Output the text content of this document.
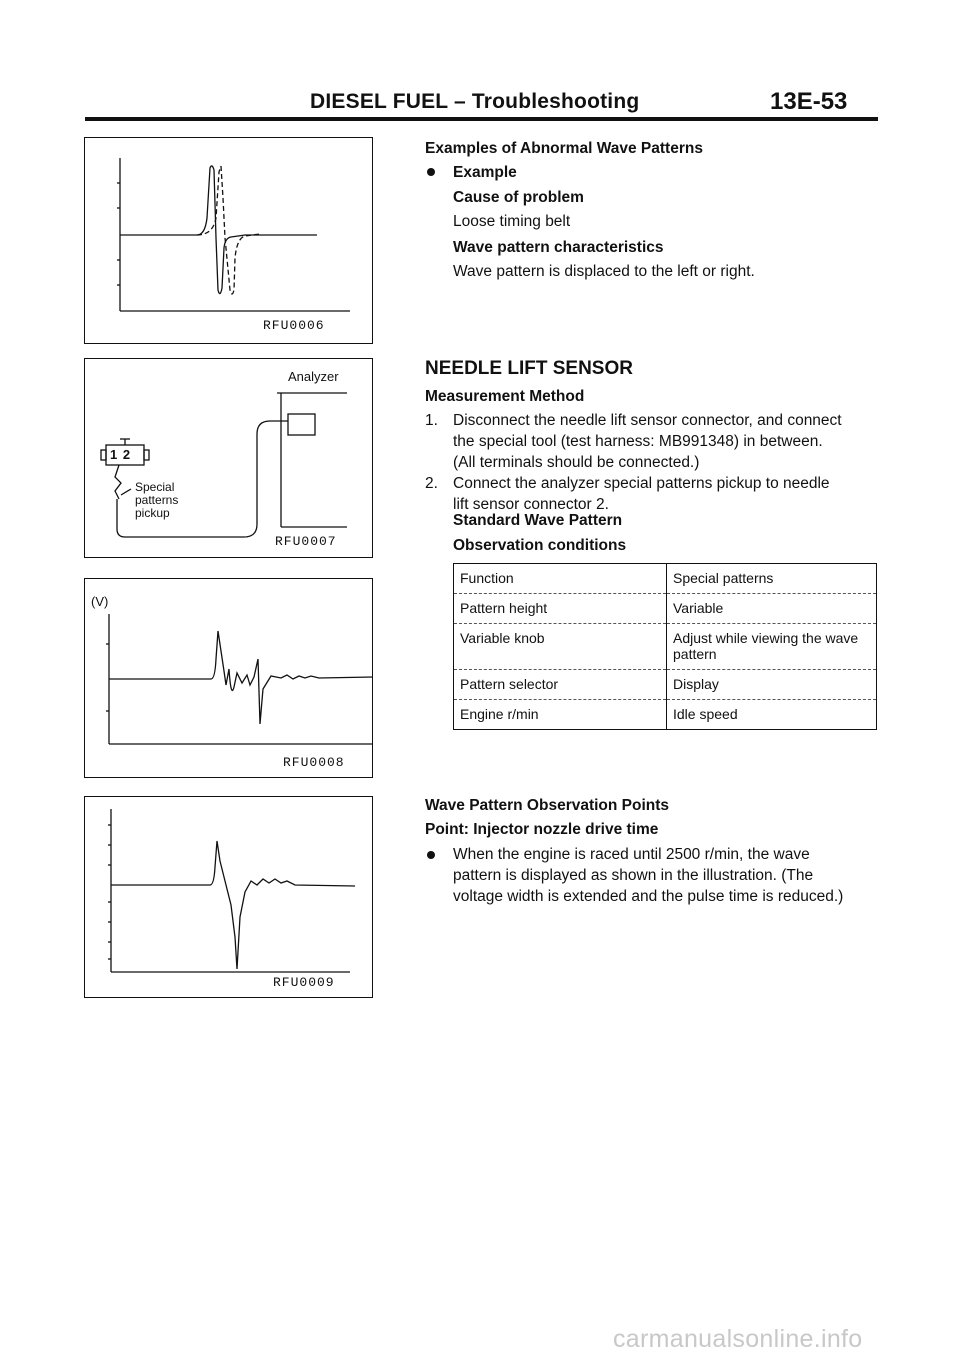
DIESEL FUEL – Troubleshooting	13E-53
RFU0006
Analyzer
1 2
Special
patterns
pickup
RFU0007
(V)
RFU0008
RFU0009
Examples of Abnormal Wave Patterns
Example
Cause of problem
Loose timing belt
Wave pattern characteristics
Wave pattern is displaced to the left or right.
NEEDLE LIFT SENSOR
Measurement Method
1. Disconnect the needle lift sensor connector, and connect
the special tool (test harness: MB991348) in between.
(All terminals should be connected.)
2. Connect the analyzer special patterns pickup to needle
lift sensor connector 2.
Standard Wave Pattern
Observation conditions
Function	Special patterns
Pattern height	Variable
Variable knob	Adjust while viewing the wave pattern
Pattern selector	Display
Engine r/min	Idle speed
Wave Pattern Observation Points
Point: Injector nozzle drive time
When the engine is raced until 2500 r/min, the wave
pattern is displayed as shown in the illustration. (The
voltage width is extended and the pulse time is reduced.)
carmanualsonline.info
